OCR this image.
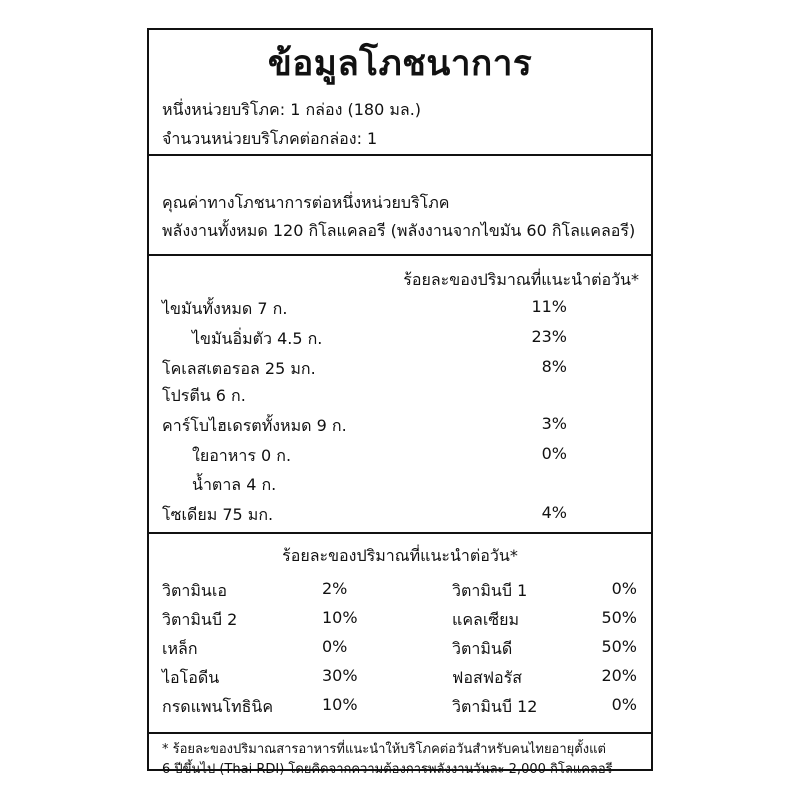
ข้อมูลโภชนาการ
หนึ่งหน่วยบริโภค: 1 กล่อง (180 มล.)
จำนวนหน่วยบริโภคต่อกล่อง: 1
คุณค่าทางโภชนาการต่อหนึ่งหน่วยบริโภค
พลังงานทั้งหมด 120 กิโลแคลอรี (พลังงานจากไขมัน 60 กิโลแคลอรี)
ร้อยละของปริมาณที่แนะนำต่อวัน*
ไขมันทั้งหมด 7 ก.	11%
ไขมันอิ่มตัว 4.5 ก.	23%
โคเลสเตอรอล 25 มก.	8%
โปรตีน 6 ก.
คาร์โบไฮเดรตทั้งหมด 9 ก.	3%
ใยอาหาร 0 ก.	0%
น้ำตาล 4 ก.
โซเดียม 75 มก.	4%
ร้อยละของปริมาณที่แนะนำต่อวัน*
วิตามินเอ	2%	วิตามินบี 1	0%
วิตามินบี 2	10%	แคลเซียม	50%
เหล็ก	0%	วิตามินดี	50%
ไอโอดีน	30%	ฟอสฟอรัส	20%
กรดแพนโทธินิค	10%	วิตามินบี 12	0%
* ร้อยละของปริมาณสารอาหารที่แนะนำให้บริโภคต่อวันสำหรับคนไทยอายุตั้งแต่
6 ปีขึ้นไป (Thai RDI) โดยคิดจากความต้องการพลังงานวันละ 2,000 กิโลแคลอรี
